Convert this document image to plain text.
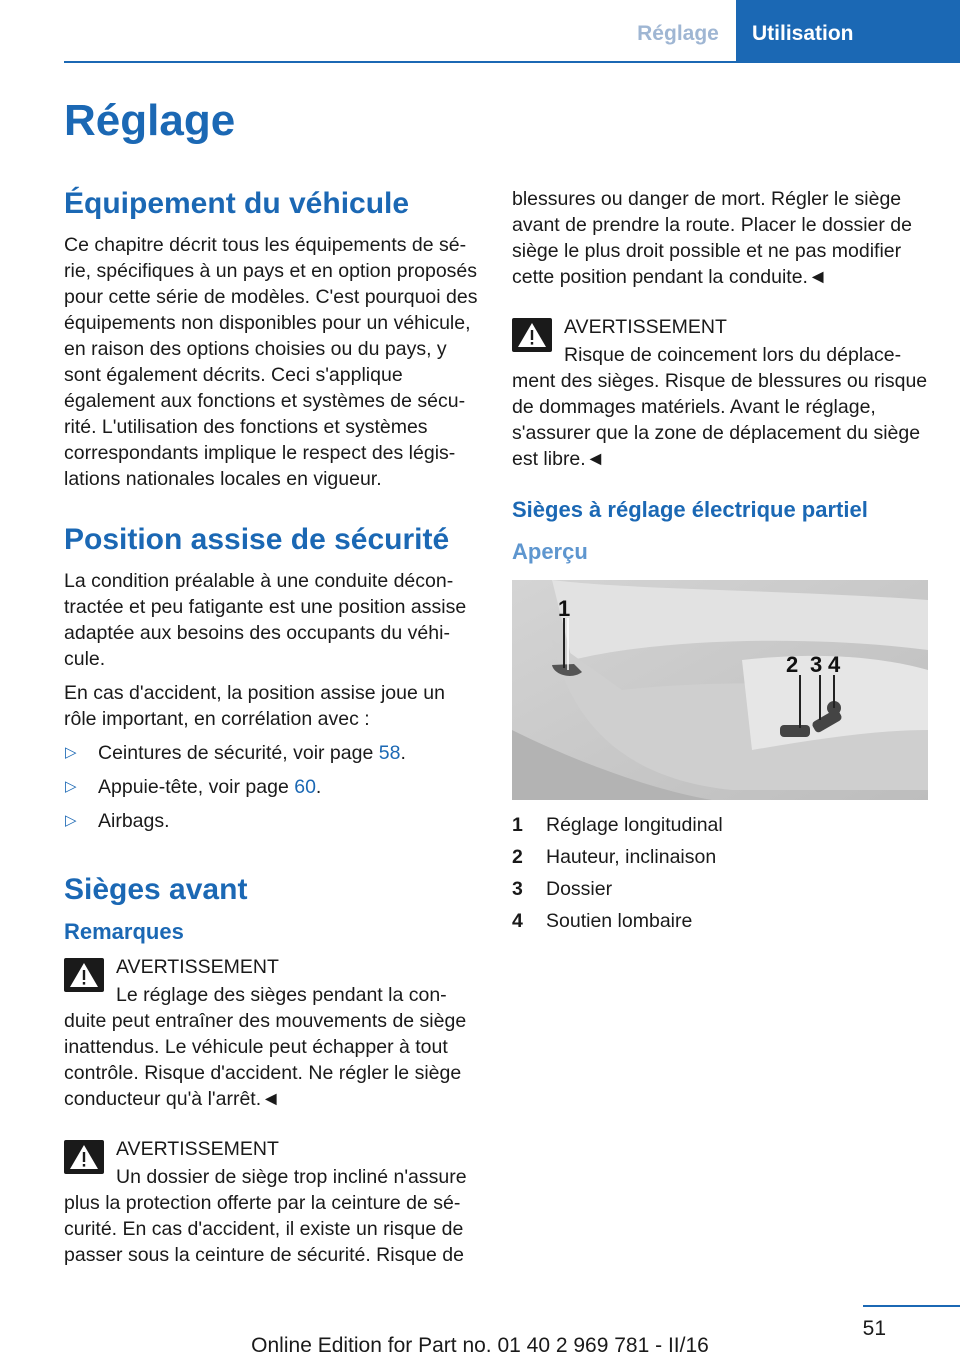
Réglage	Utilisation
Réglage
Équipement du véhicule

Ce chapitre décrit tous les équipements de série, spécifiques à un pays et en option proposés pour cette série de modèles. C'est pourquoi des équipements non disponibles pour un véhicule, en raison des options choisies ou du pays, y sont également décrits. Ceci s'applique également aux fonctions et systèmes de sécurité. L'utilisation des fonctions et systèmes correspondants implique le respect des législations nationales locales en vigueur.

Position assise de sécurité

La condition préalable à une conduite décontractée et peu fatigante est une position assise adaptée aux besoins des occupants du véhicule.

En cas d'accident, la position assise joue un rôle important, en corrélation avec :

▷ Ceintures de sécurité, voir page 58.
▷ Appuie-tête, voir page 60.
▷ Airbags.
Sièges avant
Remarques
AVERTISSEMENT
Le réglage des sièges pendant la conduite peut entraîner des mouvements de siège inattendus. Le véhicule peut échapper à tout contrôle. Risque d'accident. Ne régler le siège conducteur qu'à l'arrêt.◄
AVERTISSEMENT
Un dossier de siège trop incliné n'assure plus la protection offerte par la ceinture de sécurité. En cas d'accident, il existe un risque de passer sous la ceinture de sécurité. Risque de

blessures ou danger de mort. Régler le siège avant de prendre la route. Placer le dossier de siège le plus droit possible et ne pas modifier cette position pendant la conduite.◄

AVERTISSEMENT
Risque de coincement lors du déplacement des sièges. Risque de blessures ou risque de dommages matériels. Avant le réglage, s'assurer que la zone de déplacement du siège est libre.◄
Sièges à réglage électrique partiel
Aperçu
1
2 3 4
1	Réglage longitudinal
2	Hauteur, inclinaison
3	Dossier
4	Soutien lombaire
51
Online Edition for Part no. 01 40 2 969 781 - II/16
